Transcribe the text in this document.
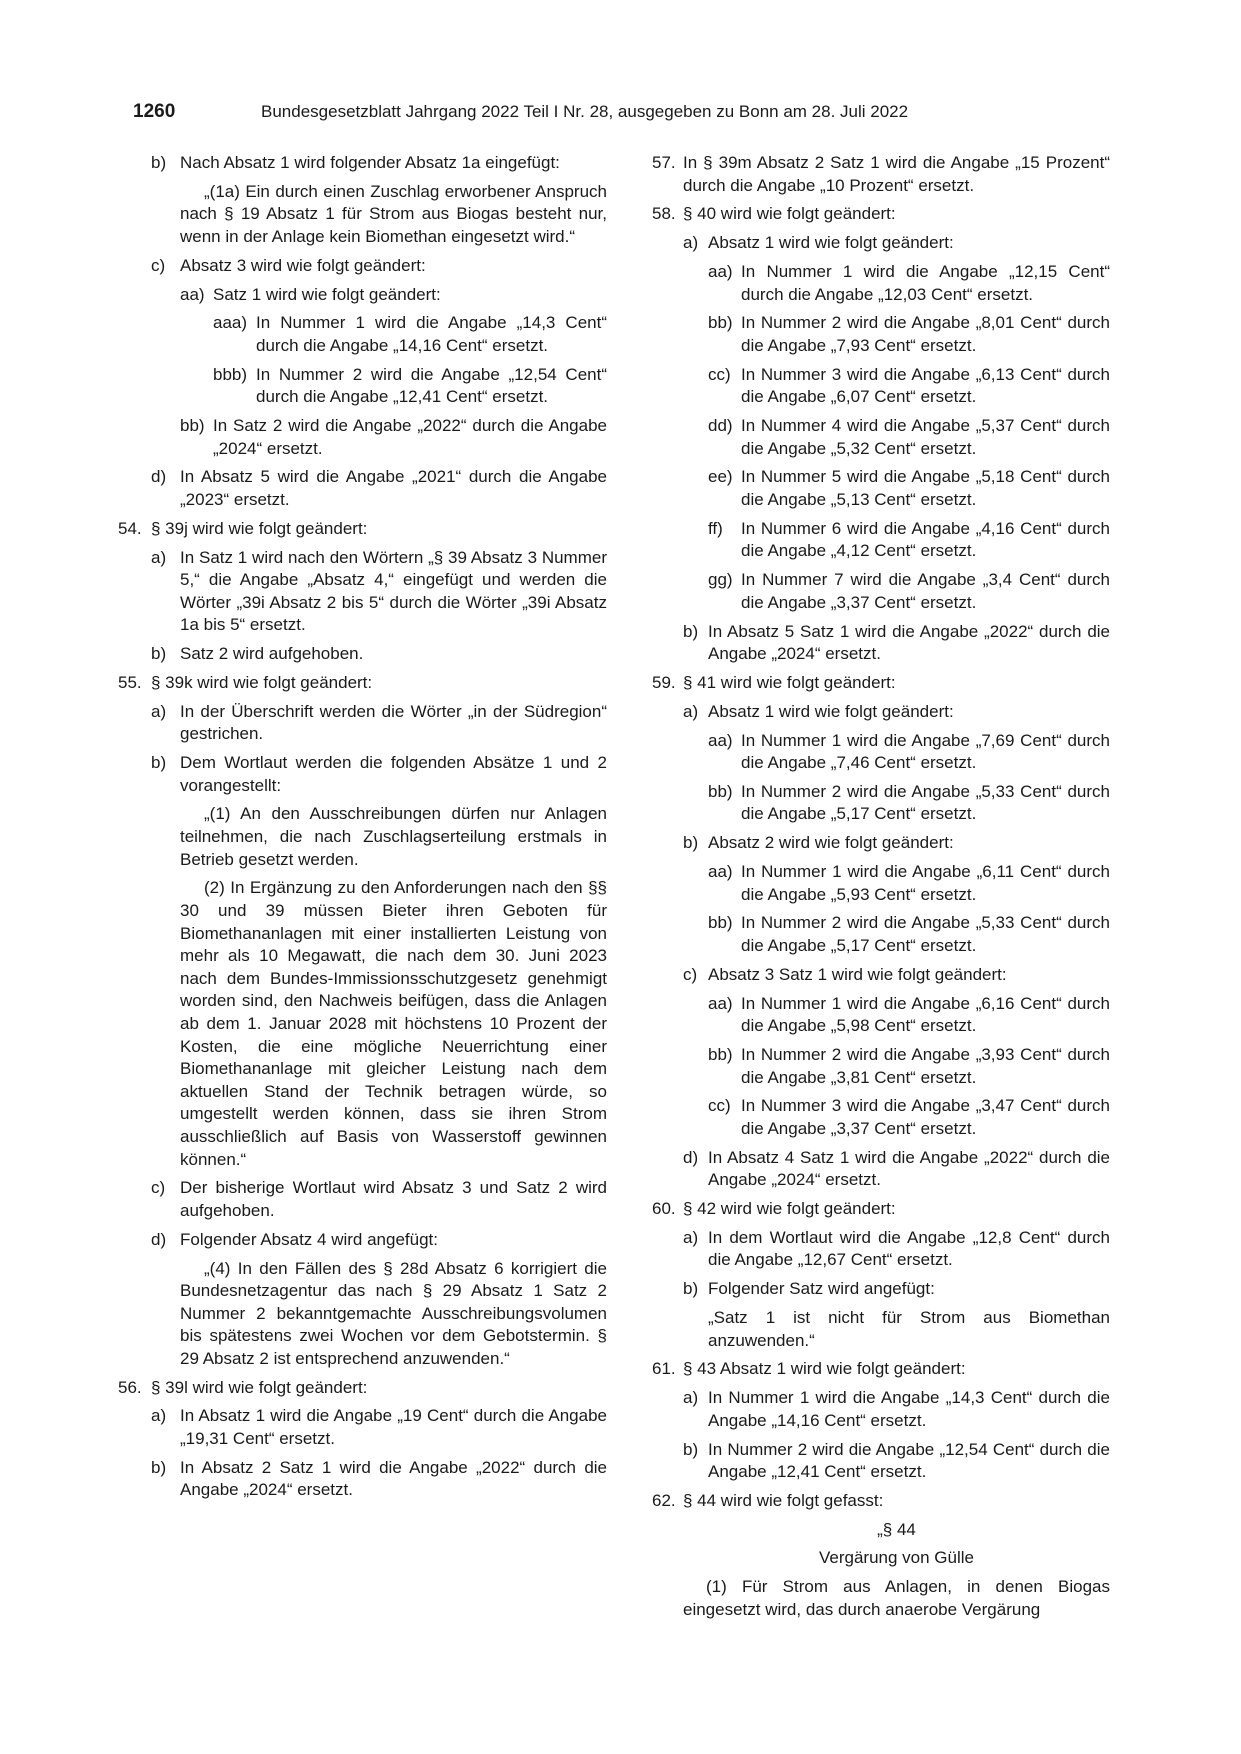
1260	Bundesgesetzblatt Jahrgang 2022 Teil I Nr. 28, ausgegeben zu Bonn am 28. Juli 2022
b) Nach Absatz 1 wird folgender Absatz 1a eingefügt:
„(1a) Ein durch einen Zuschlag erworbener Anspruch nach § 19 Absatz 1 für Strom aus Biogas besteht nur, wenn in der Anlage kein Biomethan eingesetzt wird.“
c) Absatz 3 wird wie folgt geändert:
aa) Satz 1 wird wie folgt geändert:
aaa) In Nummer 1 wird die Angabe „14,3 Cent“ durch die Angabe „14,16 Cent“ ersetzt.
bbb) In Nummer 2 wird die Angabe „12,54 Cent“ durch die Angabe „12,41 Cent“ ersetzt.
bb) In Satz 2 wird die Angabe „2022“ durch die Angabe „2024“ ersetzt.
d) In Absatz 5 wird die Angabe „2021“ durch die Angabe „2023“ ersetzt.
54. § 39j wird wie folgt geändert:
a) In Satz 1 wird nach den Wörtern „§ 39 Absatz 3 Nummer 5,“ die Angabe „Absatz 4,“ eingefügt und werden die Wörter „39i Absatz 2 bis 5“ durch die Wörter „39i Absatz 1a bis 5“ ersetzt.
b) Satz 2 wird aufgehoben.
55. § 39k wird wie folgt geändert:
a) In der Überschrift werden die Wörter „in der Südregion“ gestrichen.
b) Dem Wortlaut werden die folgenden Absätze 1 und 2 vorangestellt:
„(1) An den Ausschreibungen dürfen nur Anlagen teilnehmen, die nach Zuschlagserteilung erstmals in Betrieb gesetzt werden.
(2) In Ergänzung zu den Anforderungen nach den §§ 30 und 39 müssen Bieter ihren Geboten für Biomethananlagen mit einer installierten Leistung von mehr als 10 Megawatt, die nach dem 30. Juni 2023 nach dem Bundes-Immissionsschutzgesetz genehmigt worden sind, den Nachweis beifügen, dass die Anlagen ab dem 1. Januar 2028 mit höchstens 10 Prozent der Kosten, die eine mögliche Neuerrichtung einer Biomethananlage mit gleicher Leistung nach dem aktuellen Stand der Technik betragen würde, so umgestellt werden können, dass sie ihren Strom ausschließlich auf Basis von Wasserstoff gewinnen können.“
c) Der bisherige Wortlaut wird Absatz 3 und Satz 2 wird aufgehoben.
d) Folgender Absatz 4 wird angefügt:
„(4) In den Fällen des § 28d Absatz 6 korrigiert die Bundesnetzagentur das nach § 29 Absatz 1 Satz 2 Nummer 2 bekanntgemachte Ausschreibungsvolumen bis spätestens zwei Wochen vor dem Gebotstermin. § 29 Absatz 2 ist entsprechend anzuwenden.“
56. § 39l wird wie folgt geändert:
a) In Absatz 1 wird die Angabe „19 Cent“ durch die Angabe „19,31 Cent“ ersetzt.
b) In Absatz 2 Satz 1 wird die Angabe „2022“ durch die Angabe „2024“ ersetzt.
57. In § 39m Absatz 2 Satz 1 wird die Angabe „15 Prozent“ durch die Angabe „10 Prozent“ ersetzt.
58. § 40 wird wie folgt geändert:
a) Absatz 1 wird wie folgt geändert:
aa) In Nummer 1 wird die Angabe „12,15 Cent“ durch die Angabe „12,03 Cent“ ersetzt.
bb) In Nummer 2 wird die Angabe „8,01 Cent“ durch die Angabe „7,93 Cent“ ersetzt.
cc) In Nummer 3 wird die Angabe „6,13 Cent“ durch die Angabe „6,07 Cent“ ersetzt.
dd) In Nummer 4 wird die Angabe „5,37 Cent“ durch die Angabe „5,32 Cent“ ersetzt.
ee) In Nummer 5 wird die Angabe „5,18 Cent“ durch die Angabe „5,13 Cent“ ersetzt.
ff)	In Nummer 6 wird die Angabe „4,16 Cent“ durch die Angabe „4,12 Cent“ ersetzt.
gg) In Nummer 7 wird die Angabe „3,4 Cent“ durch die Angabe „3,37 Cent“ ersetzt.
b) In Absatz 5 Satz 1 wird die Angabe „2022“ durch die Angabe „2024“ ersetzt.
59. § 41 wird wie folgt geändert:
a) Absatz 1 wird wie folgt geändert:
aa) In Nummer 1 wird die Angabe „7,69 Cent“ durch die Angabe „7,46 Cent“ ersetzt.
bb) In Nummer 2 wird die Angabe „5,33 Cent“ durch die Angabe „5,17 Cent“ ersetzt.
b) Absatz 2 wird wie folgt geändert:
aa) In Nummer 1 wird die Angabe „6,11 Cent“ durch die Angabe „5,93 Cent“ ersetzt.
bb) In Nummer 2 wird die Angabe „5,33 Cent“ durch die Angabe „5,17 Cent“ ersetzt.
c) Absatz 3 Satz 1 wird wie folgt geändert:
aa) In Nummer 1 wird die Angabe „6,16 Cent“ durch die Angabe „5,98 Cent“ ersetzt.
bb) In Nummer 2 wird die Angabe „3,93 Cent“ durch die Angabe „3,81 Cent“ ersetzt.
cc) In Nummer 3 wird die Angabe „3,47 Cent“ durch die Angabe „3,37 Cent“ ersetzt.
d) In Absatz 4 Satz 1 wird die Angabe „2022“ durch die Angabe „2024“ ersetzt.
60. § 42 wird wie folgt geändert:
a) In dem Wortlaut wird die Angabe „12,8 Cent“ durch die Angabe „12,67 Cent“ ersetzt.
b) Folgender Satz wird angefügt:
„Satz 1 ist nicht für Strom aus Biomethan anzuwenden.“
61. § 43 Absatz 1 wird wie folgt geändert:
a) In Nummer 1 wird die Angabe „14,3 Cent“ durch die Angabe „14,16 Cent“ ersetzt.
b) In Nummer 2 wird die Angabe „12,54 Cent“ durch die Angabe „12,41 Cent“ ersetzt.
62. § 44 wird wie folgt gefasst:
„§ 44
Vergärung von Gülle
(1) Für Strom aus Anlagen, in denen Biogas eingesetzt wird, das durch anaerobe Vergärung
